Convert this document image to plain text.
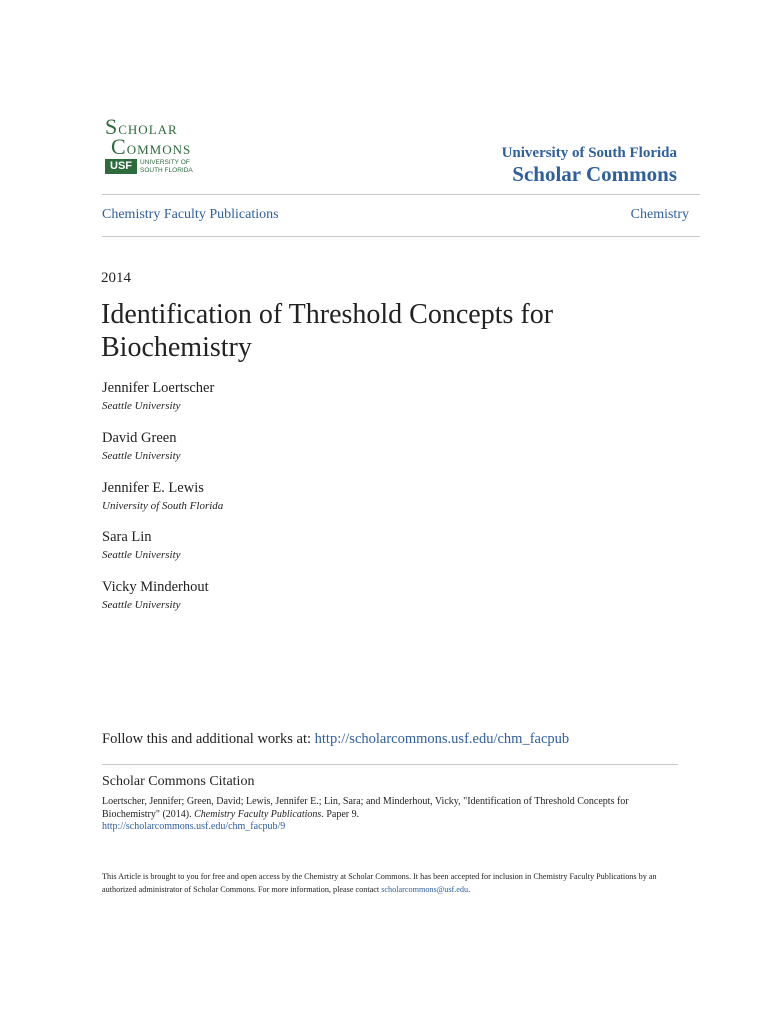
SCHOLAR
COMMONS
USF	UNIVERSITY OF
SOUTH FLORIDA
University of South Florida
Scholar Commons
Chemistry Faculty Publications	Chemistry
2014
Identification of Threshold Concepts for Biochemistry
Jennifer Loertscher
Seattle University
David Green
Seattle University
Jennifer E. Lewis
University of South Florida
Sara Lin
Seattle University
Vicky Minderhout
Seattle University
Follow this and additional works at: http://scholarcommons.usf.edu/chm_facpub
Scholar Commons Citation
Loertscher, Jennifer; Green, David; Lewis, Jennifer E.; Lin, Sara; and Minderhout, Vicky, "Identification of Threshold Concepts for Biochemistry" (2014). Chemistry Faculty Publications. Paper 9.
http://scholarcommons.usf.edu/chm_facpub/9
This Article is brought to you for free and open access by the Chemistry at Scholar Commons. It has been accepted for inclusion in Chemistry Faculty Publications by an authorized administrator of Scholar Commons. For more information, please contact scholarcommons@usf.edu.
